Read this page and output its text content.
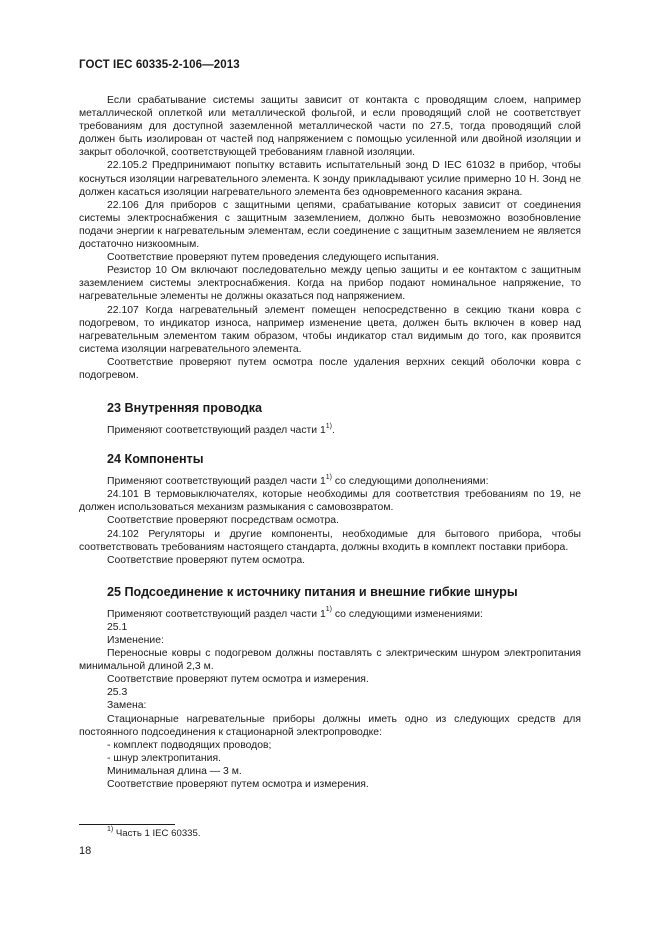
ГОСТ IEC 60335-2-106—2013

Если срабатывание системы защиты зависит от контакта с проводящим слоем, например металлической оплеткой или металлической фольгой, и если проводящий слой не соответствует требованиям для доступной заземленной металлической части по 27.5, тогда проводящий слой должен быть изолирован от частей под напряжением с помощью усиленной или двойной изоляции и закрыт оболочкой, соответствующей требованиям главной изоляции.

22.105.2 Предпринимают попытку вставить испытательный зонд D IEC 61032 в прибор, чтобы коснуться изоляции нагревательного элемента. К зонду прикладывают усилие примерно 10 Н. Зонд не должен касаться изоляции нагревательного элемента без одновременного касания экрана.

22.106 Для приборов с защитными цепями, срабатывание которых зависит от соединения системы электроснабжения с защитным заземлением, должно быть невозможно возобновление подачи энергии к нагревательным элементам, если соединение с защитным заземлением не является достаточно низкоомным.

Соответствие проверяют путем проведения следующего испытания.

Резистор 10 Ом включают последовательно между цепью защиты и ее контактом с защитным заземлением системы электроснабжения. Когда на прибор подают номинальное напряжение, то нагревательные элементы не должны оказаться под напряжением.

22.107 Когда нагревательный элемент помещен непосредственно в секцию ткани ковра с подогревом, то индикатор износа, например изменение цвета, должен быть включен в ковер над нагревательным элементом таким образом, чтобы индикатор стал видимым до того, как проявится система изоляции нагревательного элемента.

Соответствие проверяют путем осмотра после удаления верхних секций оболочки ковра с подогревом.

23 Внутренняя проводка

Применяют соответствующий раздел части 1$^{1)}$.

24 Компоненты

Применяют соответствующий раздел части 1$^{1)}$ со следующими дополнениями:

24.101 В термовыключателях, которые необходимы для соответствия требованиям по 19, не должен использоваться механизм размыкания с самовозвратом.

Соответствие проверяют посредствам осмотра.

24.102 Регуляторы и другие компоненты, необходимые для бытового прибора, чтобы соответствовать требованиям настоящего стандарта, должны входить в комплект поставки прибора.

Соответствие проверяют путем осмотра.

25 Подсоединение к источнику питания и внешние гибкие шнуры

Применяют соответствующий раздел части 1$^{1)}$ со следующими изменениями:

25.1

Изменение:

Переносные ковры с подогревом должны поставлять с электрическим шнуром электропитания минимальной длиной 2,3 м.

Соответствие проверяют путем осмотра и измерения.

25.3

Замена:

Стационарные нагревательные приборы должны иметь одно из следующих средств для постоянного подсоединения к стационарной электропроводке:

- комплект подводящих проводов;

- шнур электропитания.

Минимальная длина — 3 м.

Соответствие проверяют путем осмотра и измерения.

$^{1)}$ Часть 1 IEC 60335.
18
